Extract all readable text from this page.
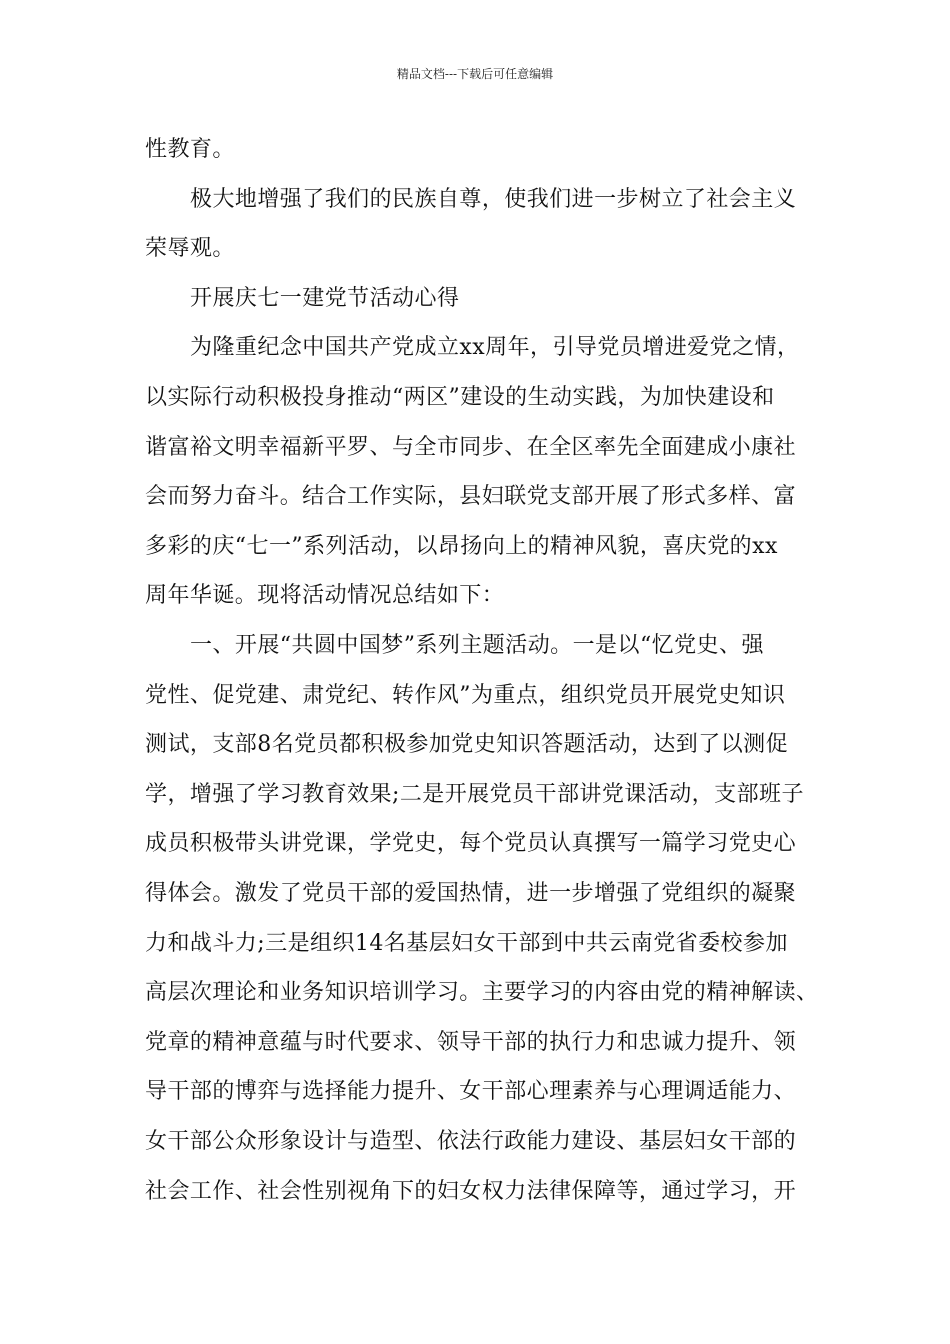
精品文档---下载后可任意编辑
性教育。
极大地增强了我们的民族自尊，使我们进一步树立了社会主义
荣辱观。
开展庆七一建党节活动心得
为隆重纪念中国共产党成立xx周年，引导党员增进爱党之情，
以实际行动积极投身推动“两区”建设的生动实践，为加快建设和
谐富裕文明幸福新平罗、与全市同步、在全区率先全面建成小康社
会而努力奋斗。结合工作实际，县妇联党支部开展了形式多样、富
多彩的庆“七一”系列活动，以昂扬向上的精神风貌，喜庆党的xx
周年华诞。现将活动情况总结如下：
一、开展“共圆中国梦”系列主题活动。一是以“忆党史、强
党性、促党建、肃党纪、转作风”为重点，组织党员开展党史知识
测试，支部8名党员都积极参加党史知识答题活动，达到了以测促
学，增强了学习教育效果;二是开展党员干部讲党课活动，支部班子
成员积极带头讲党课，学党史，每个党员认真撰写一篇学习党史心
得体会。激发了党员干部的爱国热情，进一步增强了党组织的凝聚
力和战斗力;三是组织14名基层妇女干部到中共云南党省委校参加
高层次理论和业务知识培训学习。主要学习的内容由党的精神解读、
党章的精神意蕴与时代要求、领导干部的执行力和忠诚力提升、领
导干部的博弈与选择能力提升、女干部心理素养与心理调适能力、
女干部公众形象设计与造型、依法行政能力建设、基层妇女干部的
社会工作、社会性别视角下的妇女权力法律保障等，通过学习，开
